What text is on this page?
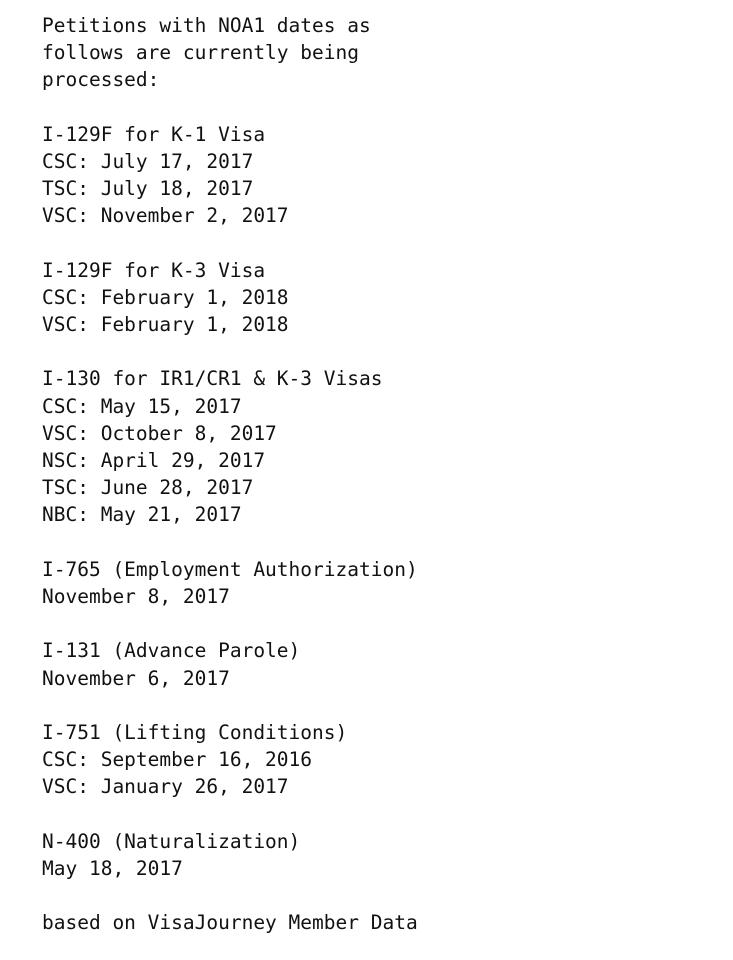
Petitions with NOA1 dates as
follows are currently being
processed:
I-129F for K-1 Visa
CSC: July 17, 2017
TSC: July 18, 2017
VSC: November 2, 2017
I-129F for K-3 Visa
CSC: February 1, 2018
VSC: February 1, 2018
I-130 for IR1/CR1 & K-3 Visas
CSC: May 15, 2017
VSC: October 8, 2017
NSC: April 29, 2017
TSC: June 28, 2017
NBC: May 21, 2017
I-765 (Employment Authorization)
November 8, 2017
I-131 (Advance Parole)
November 6, 2017
I-751 (Lifting Conditions)
CSC: September 16, 2016
VSC: January 26, 2017
N-400 (Naturalization)
May 18, 2017
based on VisaJourney Member Data
